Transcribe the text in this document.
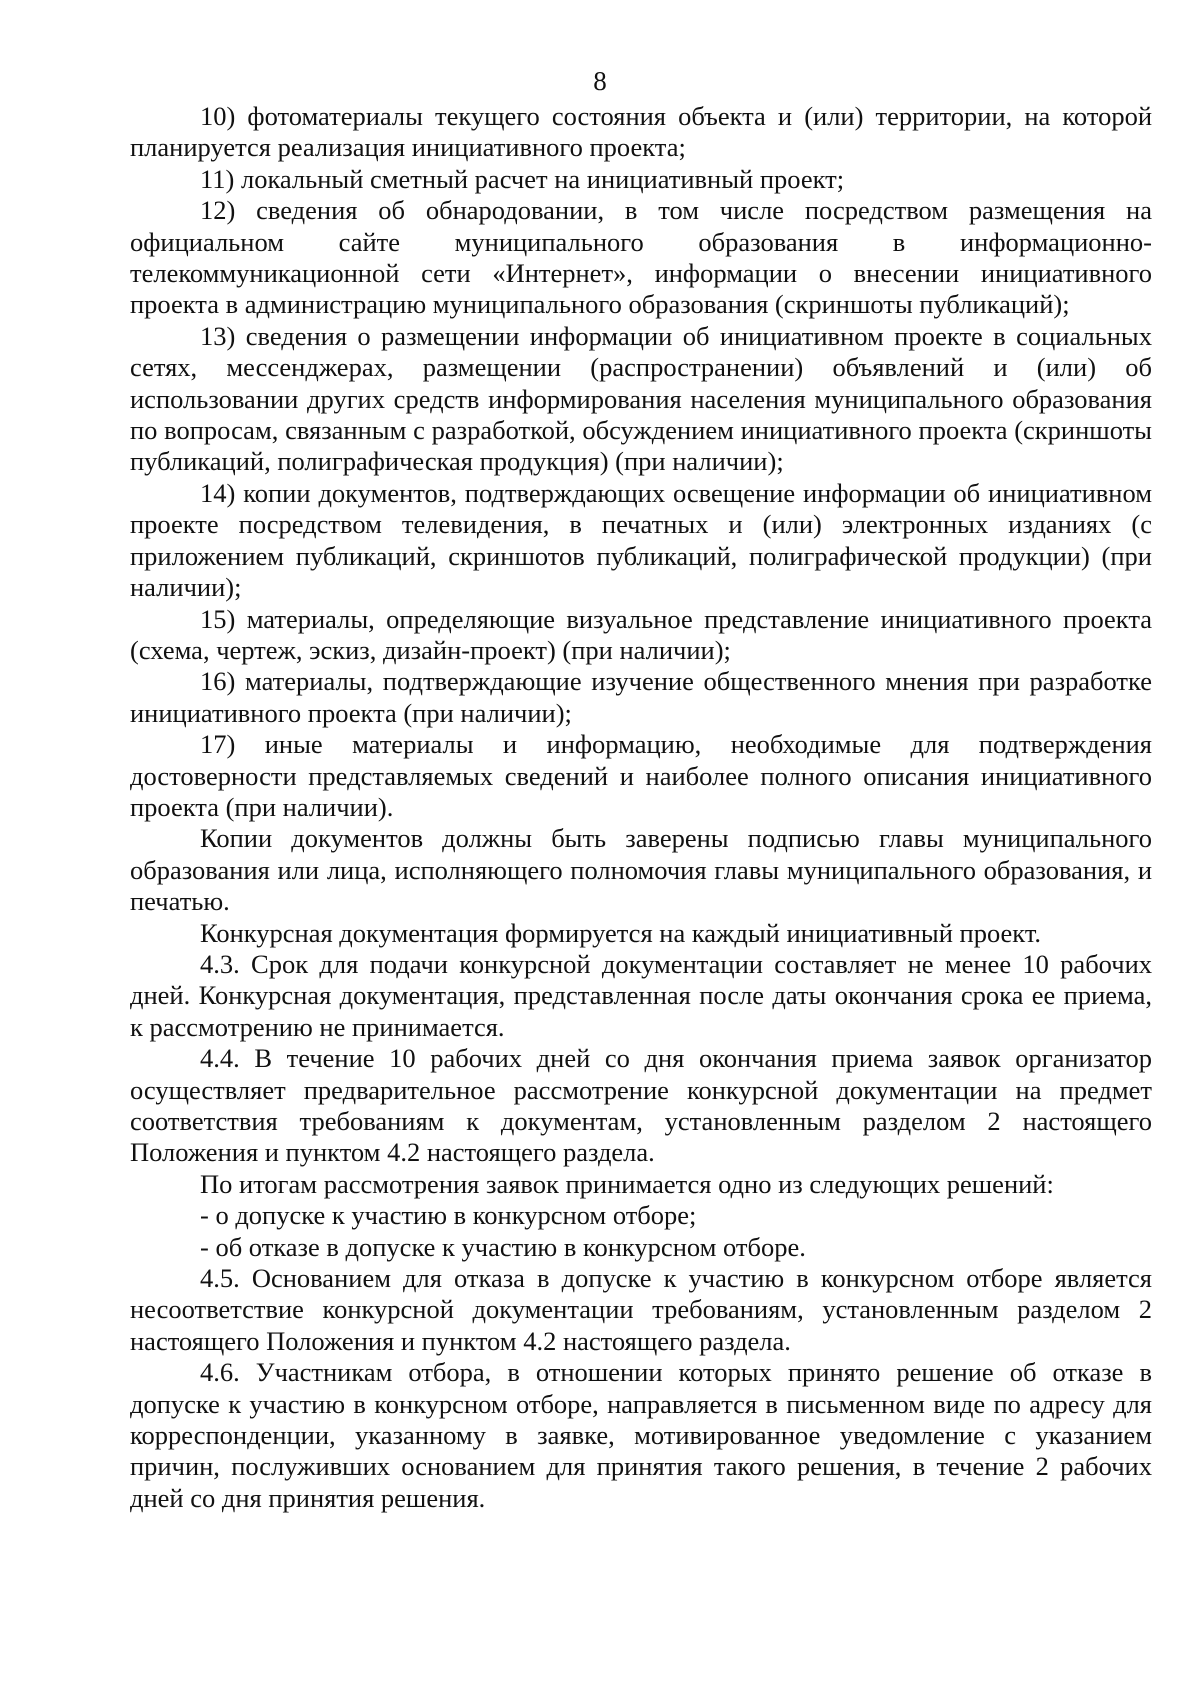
8

10) фотоматериалы текущего состояния объекта и (или) территории, на которой планируется реализация инициативного проекта;

11) локальный сметный расчет на инициативный проект;

12) сведения об обнародовании, в том числе посредством размещения на официальном сайте муниципального образования в информационно-телекоммуникационной сети «Интернет», информации о внесении инициативного проекта в администрацию муниципального образования (скриншоты публикаций);

13) сведения о размещении информации об инициативном проекте в социальных сетях, мессенджерах, размещении (распространении) объявлений и (или) об использовании других средств информирования населения муниципального образования по вопросам, связанным с разработкой, обсуждением инициативного проекта (скриншоты публикаций, полиграфическая продукция) (при наличии);

14) копии документов, подтверждающих освещение информации об инициативном проекте посредством телевидения, в печатных и (или) электронных изданиях (с приложением публикаций, скриншотов публикаций, полиграфической продукции) (при наличии);

15) материалы, определяющие визуальное представление инициативного проекта (схема, чертеж, эскиз, дизайн-проект) (при наличии);

16) материалы, подтверждающие изучение общественного мнения при разработке инициативного проекта (при наличии);

17) иные материалы и информацию, необходимые для подтверждения достоверности представляемых сведений и наиболее полного описания инициативного проекта (при наличии).

Копии документов должны быть заверены подписью главы муниципального образования или лица, исполняющего полномочия главы муниципального образования, и печатью.

Конкурсная документация формируется на каждый инициативный проект.

4.3. Срок для подачи конкурсной документации составляет не менее 10 рабочих дней. Конкурсная документация, представленная после даты окончания срока ее приема, к рассмотрению не принимается.

4.4. В течение 10 рабочих дней со дня окончания приема заявок организатор осуществляет предварительное рассмотрение конкурсной документации на предмет соответствия требованиям к документам, установленным разделом 2 настоящего Положения и пунктом 4.2 настоящего раздела.

По итогам рассмотрения заявок принимается одно из следующих решений:

- о допуске к участию в конкурсном отборе;

- об отказе в допуске к участию в конкурсном отборе.

4.5. Основанием для отказа в допуске к участию в конкурсном отборе является несоответствие конкурсной документации требованиям, установленным разделом 2 настоящего Положения и пунктом 4.2 настоящего раздела.

4.6. Участникам отбора, в отношении которых принято решение об отказе в допуске к участию в конкурсном отборе, направляется в письменном виде по адресу для корреспонденции, указанному в заявке, мотивированное уведомление с указанием причин, послуживших основанием для принятия такого решения, в течение 2 рабочих дней со дня принятия решения.
